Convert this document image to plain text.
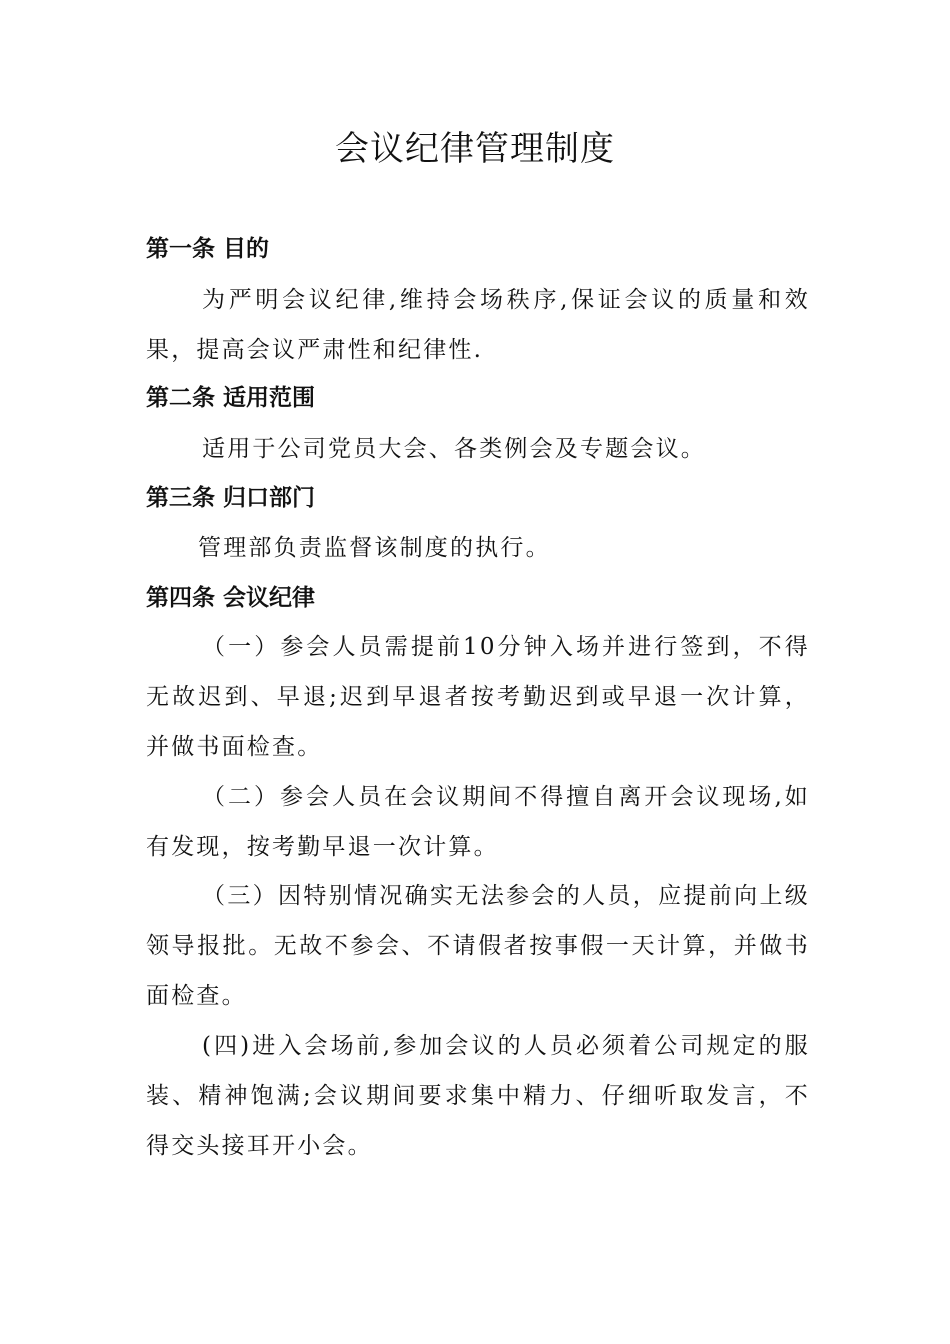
会议纪律管理制度

第一条 目的

为严明会议纪律,维持会场秩序,保证会议的质量和效果，提高会议严肃性和纪律性.

第二条 适用范围

适用于公司党员大会、各类例会及专题会议。

第三条 归口部门

管理部负责监督该制度的执行。

第四条 会议纪律

（一）参会人员需提前10分钟入场并进行签到，不得无故迟到、早退;迟到早退者按考勤迟到或早退一次计算，并做书面检查。

（二）参会人员在会议期间不得擅自离开会议现场,如有发现，按考勤早退一次计算。

（三）因特别情况确实无法参会的人员，应提前向上级领导报批。无故不参会、不请假者按事假一天计算，并做书面检查。

(四)进入会场前,参加会议的人员必须着公司规定的服装、精神饱满;会议期间要求集中精力、仔细听取发言，不得交头接耳开小会。
